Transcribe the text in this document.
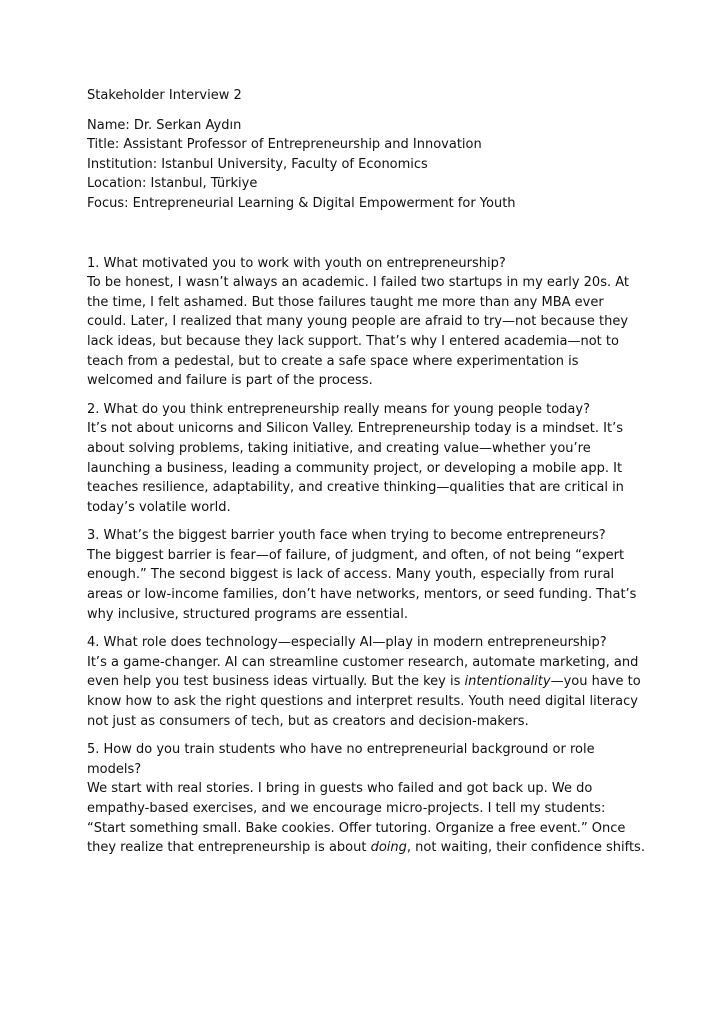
Stakeholder Interview 2

Name: Dr. Serkan Aydın

Title: Assistant Professor of Entrepreneurship and Innovation

Institution: Istanbul University, Faculty of Economics

Location: Istanbul, Türkiye

Focus: Entrepreneurial Learning & Digital Empowerment for Youth

1. What motivated you to work with youth on entrepreneurship?

To be honest, I wasn’t always an academic. I failed two startups in my early 20s. At the time, I felt ashamed. But those failures taught me more than any MBA ever could. Later, I realized that many young people are afraid to try—not because they lack ideas, but because they lack support. That’s why I entered academia—not to teach from a pedestal, but to create a safe space where experimentation is welcomed and failure is part of the process.

2. What do you think entrepreneurship really means for young people today?

It’s not about unicorns and Silicon Valley. Entrepreneurship today is a mindset. It’s about solving problems, taking initiative, and creating value—whether you’re launching a business, leading a community project, or developing a mobile app. It teaches resilience, adaptability, and creative thinking—qualities that are critical in today’s volatile world.

3. What’s the biggest barrier youth face when trying to become entrepreneurs?

The biggest barrier is fear—of failure, of judgment, and often, of not being “expert enough.” The second biggest is lack of access. Many youth, especially from rural areas or low-income families, don’t have networks, mentors, or seed funding. That’s why inclusive, structured programs are essential.

4. What role does technology—especially AI—play in modern entrepreneurship?

It’s a game-changer. AI can streamline customer research, automate marketing, and even help you test business ideas virtually. But the key is intentionality—you have to know how to ask the right questions and interpret results. Youth need digital literacy not just as consumers of tech, but as creators and decision-makers.

5. How do you train students who have no entrepreneurial background or role models?

We start with real stories. I bring in guests who failed and got back up. We do empathy-based exercises, and we encourage micro-projects. I tell my students: “Start something small. Bake cookies. Offer tutoring. Organize a free event.” Once they realize that entrepreneurship is about doing, not waiting, their confidence shifts.
